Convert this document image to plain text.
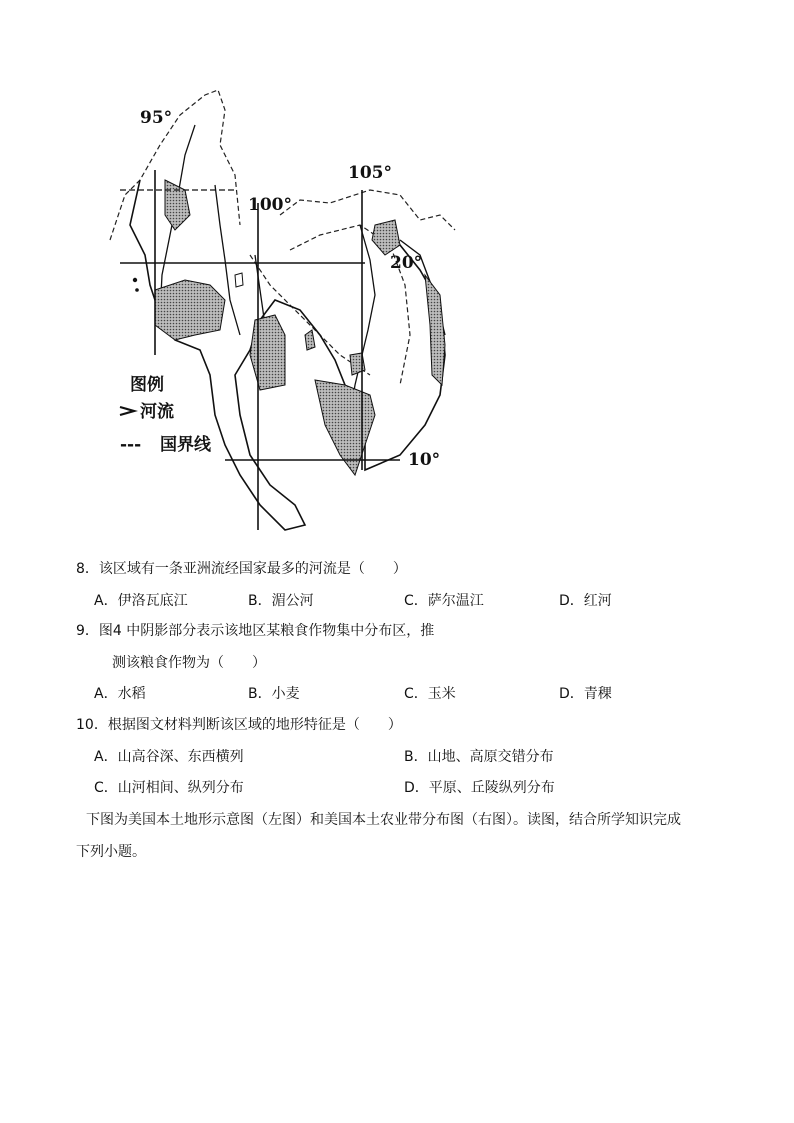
95°
100°
105°
20°
10°
图例
河流
--- 国界线
8．该区域有一条亚洲流经国家最多的河流是（　　）
A．伊洛瓦底江	B．湄公河	C．萨尔温江	D．红河
9．图4 中阴影部分表示该地区某粮食作物集中分布区，推
测该粮食作物为（　　）
A．水稻	B．小麦	C．玉米	D．青稞
10．根据图文材料判断该区域的地形特征是（　　）
A．山高谷深、东西横列	B．山地、高原交错分布
C．山河相间、纵列分布	D．平原、丘陵纵列分布
下图为美国本土地形示意图（左图）和美国本土农业带分布图（右图）。读图，结合所学知识完成
下列小题。
